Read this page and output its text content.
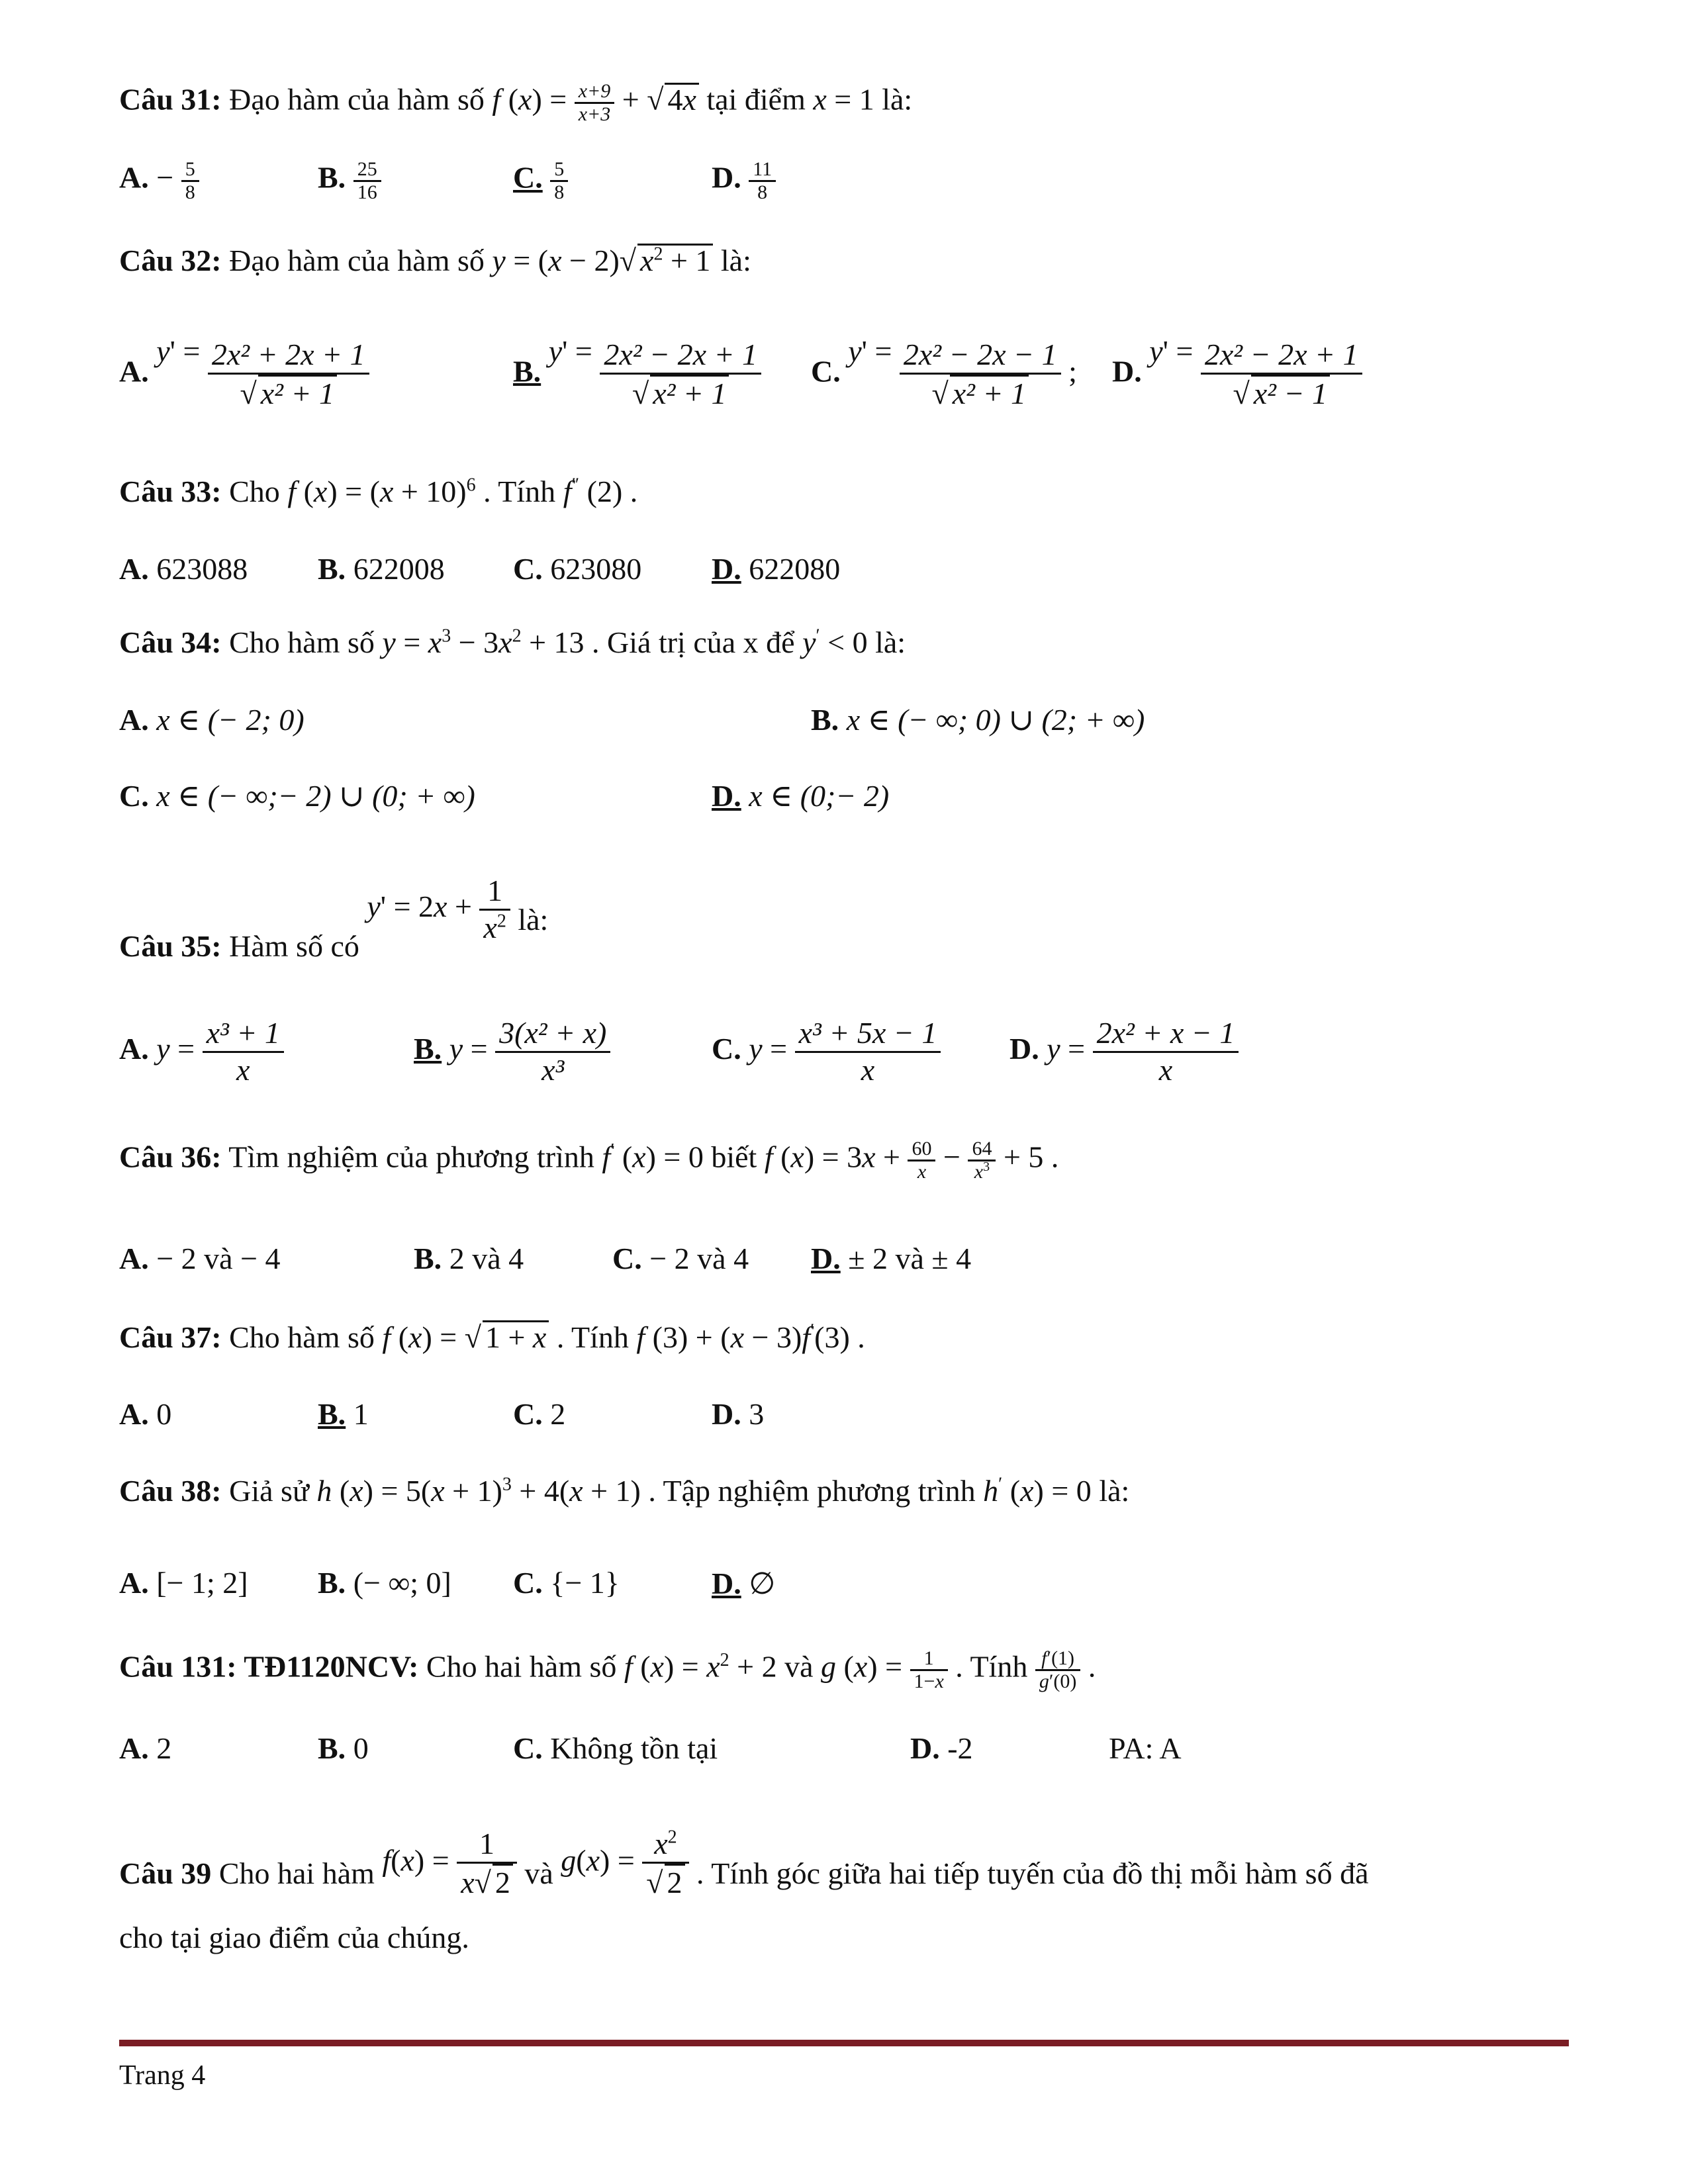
Câu 31: Đạo hàm của hàm số f $(x) = \frac{x+9}{x+3}$ + √ 4x tại điểm x = 1 là:
A. − $\frac{5}{8}$	B. $\frac{25}{16}$	C. $\frac{5}{8}$	D. $\frac{11}{8}$
Câu 32: Đạo hàm của hàm số y = (x − 2)√ $x^2 + 1$ là:
A. $y' = \frac{\text{2x² + 2x + 1}}{\text{√ x² + 1}}$	B. $y' = \frac{\text{2x² − 2x + 1}}{\text{√ x² + 1}} C$. $y' = \frac{\text{2x² − 2x − 1}}{\text{√ x² + 1}}$ ; D. $y' = \frac{\text{2x² − 2x + 1}}{\text{√ x² − 1}}$
Câu 33: Cho f $(x) = (x + 10)^6$ . Tính f″ (2) .
A. 623088 B. 622008 C. 623080 D. 622080
Câu 34: Cho hàm số $y = x^3 - 3x^2 + 13$ . Giá trị của x để y′ < 0 là:
A. x ∈ (− 2; 0)	B. x ∈ (− ∞; 0) ∪ (2; + ∞)
C. x ∈ (− ∞;− 2) ∪ (0; + ∞)	D. x ∈ (0;− 2)
Câu 35: Hàm số có $y' = 2x + \frac{1}{x^2}$ là:
A. $y = \frac{\text{x³ + 1}}{x}$	B. $y = \frac{\text{3(x² + x)}}{\text{x³}}$	C. $y = \frac{\text{x³ + 5x − 1}}{x} D$. $y = \frac{\text{2x² + x − 1}}{x}$
Câu 36: Tìm nghiệm của phương trình f′ (x) = 0 biết f $(x) = 3x + \frac{60}{x} - \frac{64}{x^3} + 5$ .
A. − 2 và − 4	B. 2 và 4	C. − 2 và 4 D. ± 2 và ± 4
Câu 37: Cho hàm số f (x) = √ 1 + x . Tính f (3) + (x − 3)f′(3) .
A. 0	B. 1	C. 2	D. 3
Câu 38: Giả sử h $(x) = 5(x + 1)^3 + 4(x + 1)$ . Tập nghiệm phương trình h′ (x) = 0 là:
A. [− 1; 2] B. (− ∞; 0] C. {− 1}	D. ∅
Câu 131: TĐ1120NCV: Cho hai hàm số f $(x) = x^2 + 2$ và g $(x) = \frac{1}{1-x}$ . Tính $\frac{f'(1)}{g'(0)}$ .
A. 2	B. 0	C. Không tồn tại	D. -2	PA: A
Câu 39 Cho hai hàm $f(x) = \frac{1}{x√ 2}$ và $g(x) = \frac{x^2}{√ 2}$ . Tính góc giữa hai tiếp tuyến của đồ thị mỗi hàm số đã
cho tại giao điểm của chúng.
Trang 4
